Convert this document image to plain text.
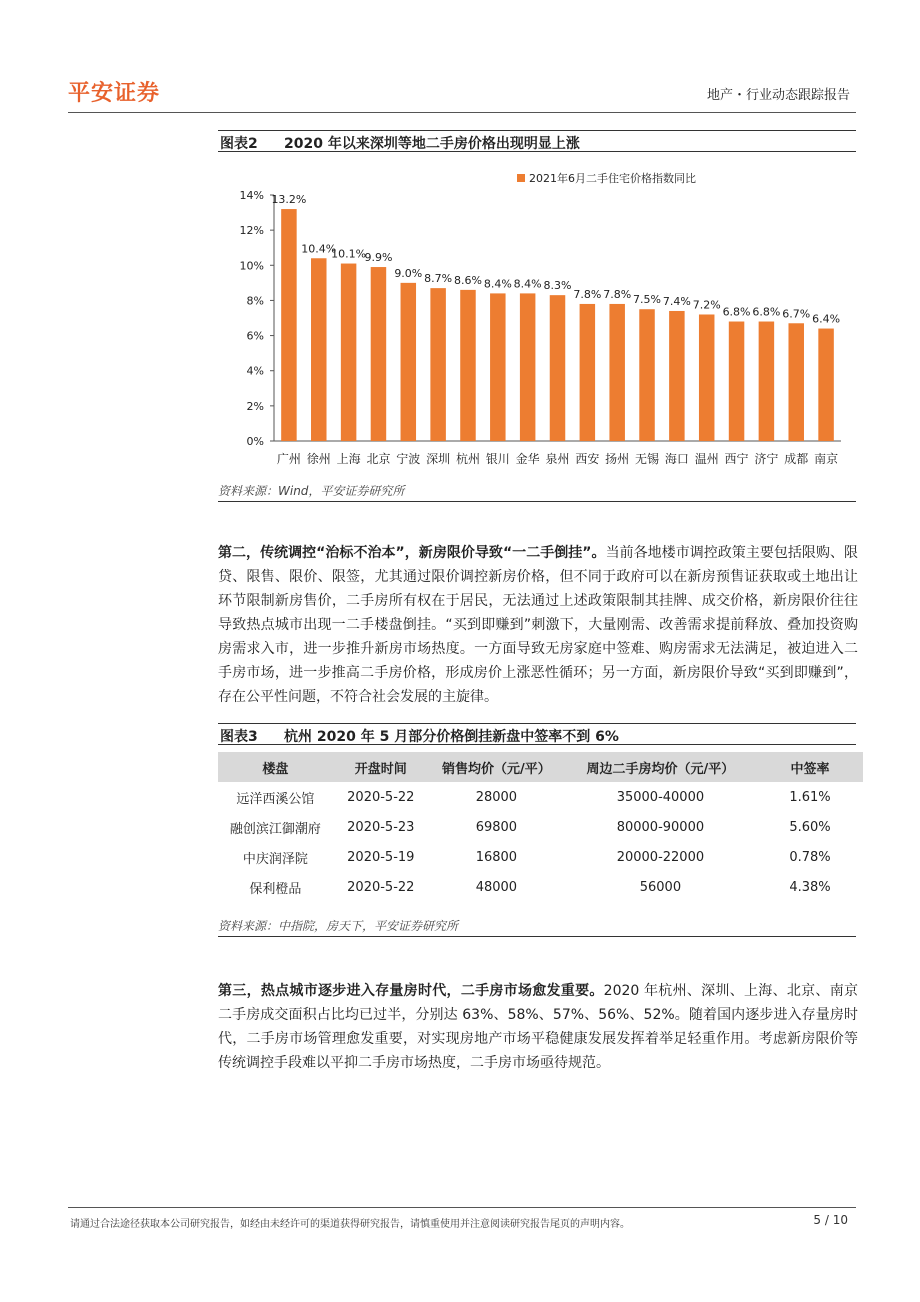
平安证券	地产・行业动态跟踪报告
图表2 2020 年以来深圳等地二手房价格出现明显上涨
2021年6月二手住宅价格指数同比
0%
2%
4%
6%
8%
10%
12%
14% 13.2%
10.4%
10.1%
9.9%
9.0% 8.7% 8.6% 8.4% 8.4% 8.3%
7.8% 7.8% 7.5% 7.4% 7.2%
6.8% 6.8% 6.7% 6.4%
广州 徐州 上海 北京 宁波 深圳 杭州 银川 金华 泉州 西安 扬州 无锡 海口 温州 西宁 济宁 成都 南京
资料来源：Wind，平安证券研究所
第二，传统调控“治标不治本”，新房限价导致“一二手倒挂”。当前各地楼市调控政策主要包括限购、限贷、限售、限价、限签，尤其通过限价调控新房价格，但不同于政府可以在新房预售证获取或土地出让环节限制新房售价，二手房所有权在于居民，无法通过上述政策限制其挂牌、成交价格，新房限价往往导致热点城市出现一二手楼盘倒挂。“买到即赚到”刺激下，大量刚需、改善需求提前释放、叠加投资购房需求入市，进一步推升新房市场热度。一方面导致无房家庭中签难、购房需求无法满足，被迫进入二手房市场，进一步推高二手房价格，形成房价上涨恶性循环；另一方面，新房限价导致“买到即赚到”，存在公平性问题，不符合社会发展的主旋律。
图表3 杭州 2020 年 5 月部分价格倒挂新盘中签率不到 6%
楼盘	开盘时间	销售均价（元/平）	周边二手房均价（元/平）	中签率
远洋西溪公馆	2020-5-22	28000	35000-40000	1.61%
融创滨江御潮府	2020-5-23	69800	80000-90000	5.60%
中庆润泽院	2020-5-19	16800	20000-22000	0.78%
保利橙品	2020-5-22	48000	56000	4.38%
资料来源：中指院，房天下，平安证券研究所
第三，热点城市逐步进入存量房时代，二手房市场愈发重要。2020 年杭州、深圳、上海、北京、南京二手房成交面积占比均已过半，分别达 63%、58%、57%、56%、52%。随着国内逐步进入存量房时代，二手房市场管理愈发重要，对实现房地产市场平稳健康发展发挥着举足轻重作用。考虑新房限价等传统调控手段难以平抑二手房市场热度，二手房市场亟待规范。
请通过合法途径获取本公司研究报告，如经由未经许可的渠道获得研究报告，请慎重使用并注意阅读研究报告尾页的声明内容。	5 / 10
